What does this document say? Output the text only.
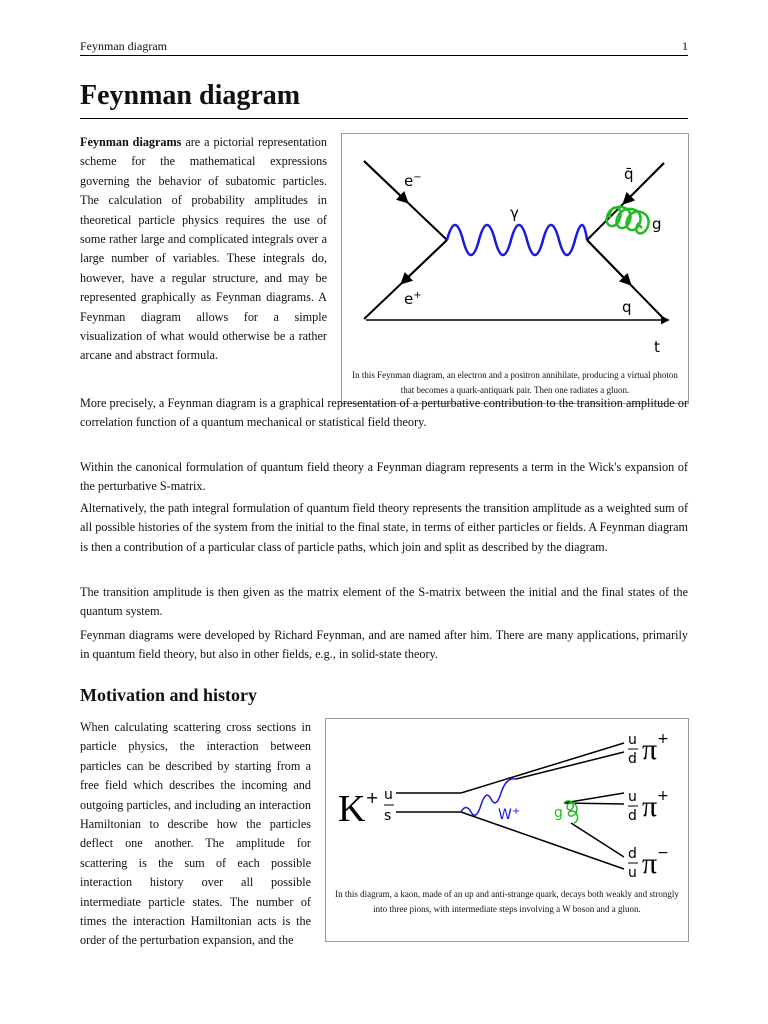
Feynman diagram	1
Feynman diagram

Feynman diagrams are a pictorial representation scheme for the mathematical expressions governing the behavior of subatomic particles. The calculation of probability amplitudes in theoretical particle physics requires the use of some rather large and complicated integrals over a large number of variables. These integrals do, however, have a regular structure, and may be represented graphically as Feynman diagrams. A Feynman diagram allows for a simple visualization of what would otherwise be a rather arcane and abstract formula.

e−
e+
γ
q̄
g
q
t
In this Feynman diagram, an electron and a positron annihilate, producing a virtual photon that becomes a quark-antiquark pair. Then one radiates a gluon.

More precisely, a Feynman diagram is a graphical representation of a perturbative contribution to the transition amplitude or correlation function of a quantum mechanical or statistical field theory.

Within the canonical formulation of quantum field theory a Feynman diagram represents a term in the Wick's expansion of the perturbative S-matrix.

Alternatively, the path integral formulation of quantum field theory represents the transition amplitude as a weighted sum of all possible histories of the system from the initial to the final state, in terms of either particles or fields. A Feynman diagram is then a contribution of a particular class of particle paths, which join and split as described by the diagram.

The transition amplitude is then given as the matrix element of the S-matrix between the initial and the final states of the quantum system.

Feynman diagrams were developed by Richard Feynman, and are named after him. There are many applications, primarily in quantum field theory, but also in other fields, e.g., in solid-state theory.

Motivation and history

When calculating scattering cross sections in particle physics, the interaction between particles can be described by starting from a free field which describes the incoming and outgoing particles, and including an interaction Hamiltonian to describe how the particles deflect one another. The amplitude for scattering is the sum of each possible interaction history over all possible intermediate particle states. The number of times the interaction Hamiltonian acts is the order of the perturbation expansion, and the

K+ u
s	W+ g
u
d π+
u
d π+
d
u π−
In this diagram, a kaon, made of an up and anti-strange quark, decays both weakly and strongly into three pions, with intermediate steps involving a W boson and a gluon.
